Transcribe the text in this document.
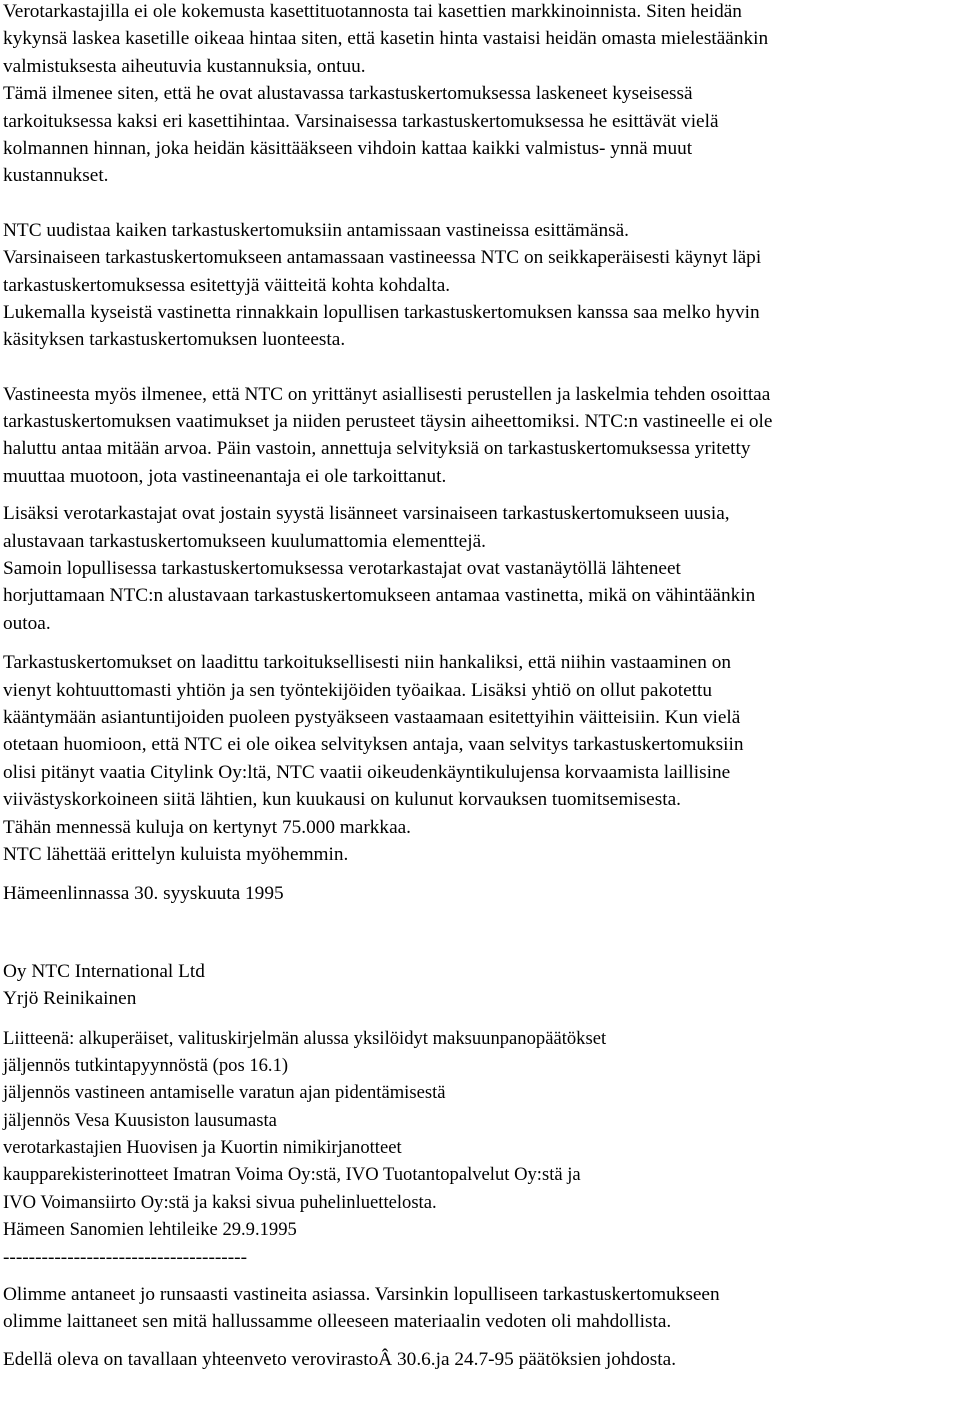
Verotarkastajilla ei ole kokemusta kasettituotannosta tai kasettien markkinoinnista. Siten heidän
kykynsä laskea kasetille oikeaa hintaa siten, että kasetin hinta vastaisi heidän omasta mielestäänkin
valmistuksesta aiheutuvia kustannuksia, ontuu.
Tämä ilmenee siten, että he ovat alustavassa tarkastuskertomuksessa laskeneet kyseisessä
tarkoituksessa kaksi eri kasettihintaa. Varsinaisessa tarkastuskertomuksessa he esittävät vielä
kolmannen hinnan, joka heidän käsittääkseen vihdoin kattaa kaikki valmistus- ynnä muut
kustannukset.
NTC uudistaa kaiken tarkastuskertomuksiin antamissaan vastineissa esittämänsä.
Varsinaiseen tarkastuskertomukseen antamassaan vastineessa NTC on seikkaperäisesti käynyt läpi
tarkastuskertomuksessa esitettyjä väitteitä kohta kohdalta.
Lukemalla kyseistä vastinetta rinnakkain lopullisen tarkastuskertomuksen kanssa saa melko hyvin
käsityksen tarkastuskertomuksen luonteesta.
Vastineesta myös ilmenee, että NTC on yrittänyt asiallisesti perustellen ja laskelmia tehden osoittaa
tarkastuskertomuksen vaatimukset ja niiden perusteet täysin aiheettomiksi. NTC:n vastineelle ei ole
haluttu antaa mitään arvoa. Päin vastoin, annettuja selvityksiä on tarkastuskertomuksessa yritetty
muuttaa muotoon, jota vastineenantaja ei ole tarkoittanut.
Lisäksi verotarkastajat ovat jostain syystä lisänneet varsinaiseen tarkastuskertomukseen uusia,
alustavaan tarkastuskertomukseen kuulumattomia elementtejä.
Samoin lopullisessa tarkastuskertomuksessa verotarkastajat ovat vastanäytöllä lähteneet
horjuttamaan NTC:n alustavaan tarkastuskertomukseen antamaa vastinetta, mikä on vähintäänkin
outoa.
Tarkastuskertomukset on laadittu tarkoituksellisesti niin hankaliksi, että niihin vastaaminen on
vienyt kohtuuttomasti yhtiön ja sen työntekijöiden työaikaa. Lisäksi yhtiö on ollut pakotettu
kääntymään asiantuntijoiden puoleen pystyäkseen vastaamaan esitettyihin väitteisiin. Kun vielä
otetaan huomioon, että NTC ei ole oikea selvityksen antaja, vaan selvitys tarkastuskertomuksiin
olisi pitänyt vaatia Citylink Oy:ltä, NTC vaatii oikeudenkäyntikulujensa korvaamista laillisine
viivästyskorkoineen siitä lähtien, kun kuukausi on kulunut korvauksen tuomitsemisesta.
Tähän mennessä kuluja on kertynyt 75.000 markkaa.
NTC lähettää erittelyn kuluista myöhemmin.
Hämeenlinnassa 30. syyskuuta 1995
Oy NTC International Ltd
Yrjö Reinikainen
Liitteenä: alkuperäiset, valituskirjelmän alussa yksilöidyt maksuunpanopäätökset
jäljennös tutkintapyynnöstä (pos 16.1)
jäljennös vastineen antamiselle varatun ajan pidentämisestä
jäljennös Vesa Kuusiston lausumasta
verotarkastajien Huovisen ja Kuortin nimikirjanotteet
kaupparekisterinotteet Imatran Voima Oy:stä, IVO Tuotantopalvelut Oy:stä ja
IVO Voimansiirto Oy:stä ja kaksi sivua puhelinluettelosta.
Hämeen Sanomien lehtileike 29.9.1995
--------------------------------------
Olimme antaneet jo runsaasti vastineita asiassa. Varsinkin lopulliseen tarkastuskertomukseen
olimme laittaneet sen mitä hallussamme olleeseen materiaalin vedoten oli mahdollista.
Edellä oleva on tavallaan yhteenveto verovirastoÂ 30.6.ja 24.7-95 päätöksien johdosta.
